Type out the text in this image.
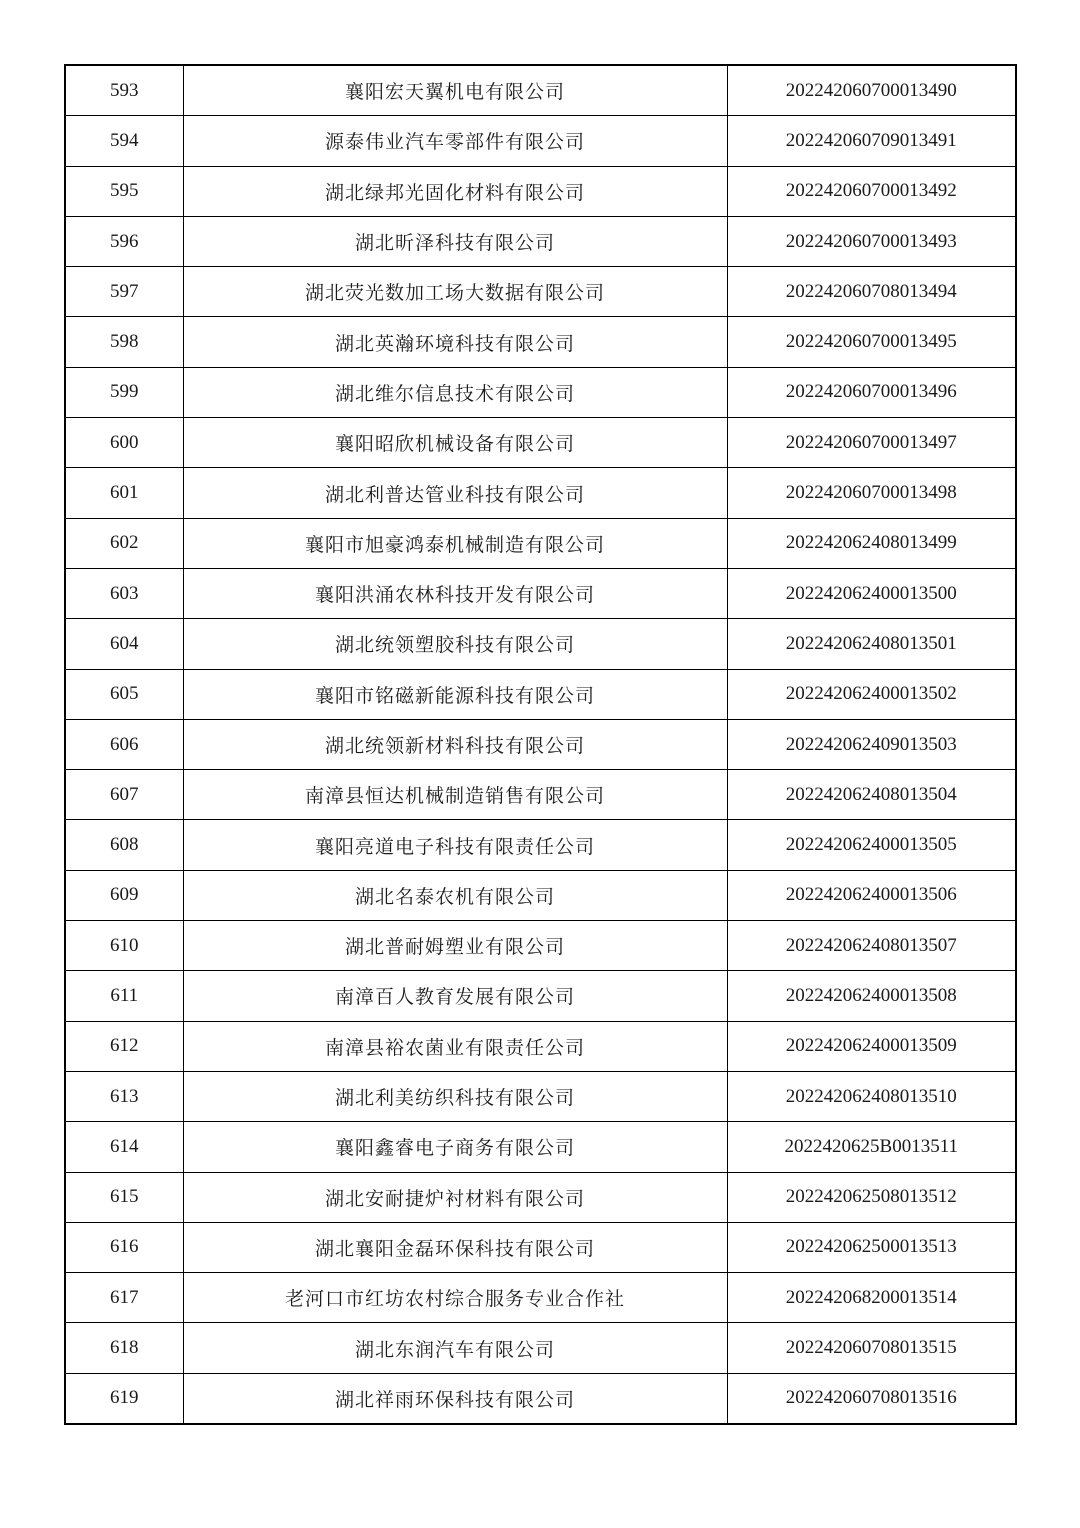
593	襄阳宏天翼机电有限公司	202242060700013490
594	源泰伟业汽车零部件有限公司	202242060709013491
595	湖北绿邦光固化材料有限公司	202242060700013492
596	湖北昕泽科技有限公司	202242060700013493
597	湖北荧光数加工场大数据有限公司	202242060708013494
598	湖北英瀚环境科技有限公司	202242060700013495
599	湖北维尔信息技术有限公司	202242060700013496
600	襄阳昭欣机械设备有限公司	202242060700013497
601	湖北利普达管业科技有限公司	202242060700013498
602	襄阳市旭豪鸿泰机械制造有限公司	202242062408013499
603	襄阳洪涌农林科技开发有限公司	202242062400013500
604	湖北统领塑胶科技有限公司	202242062408013501
605	襄阳市铭磁新能源科技有限公司	202242062400013502
606	湖北统领新材料科技有限公司	202242062409013503
607	南漳县恒达机械制造销售有限公司	202242062408013504
608	襄阳亮道电子科技有限责任公司	202242062400013505
609	湖北名泰农机有限公司	202242062400013506
610	湖北普耐姆塑业有限公司	202242062408013507
611	南漳百人教育发展有限公司	202242062400013508
612	南漳县裕农菌业有限责任公司	202242062400013509
613	湖北利美纺织科技有限公司	202242062408013510
614	襄阳鑫睿电子商务有限公司	2022420625B0013511
615	湖北安耐捷炉衬材料有限公司	202242062508013512
616	湖北襄阳金磊环保科技有限公司	202242062500013513
617	老河口市红坊农村综合服务专业合作社	202242068200013514
618	湖北东润汽车有限公司	202242060708013515
619	湖北祥雨环保科技有限公司	202242060708013516
